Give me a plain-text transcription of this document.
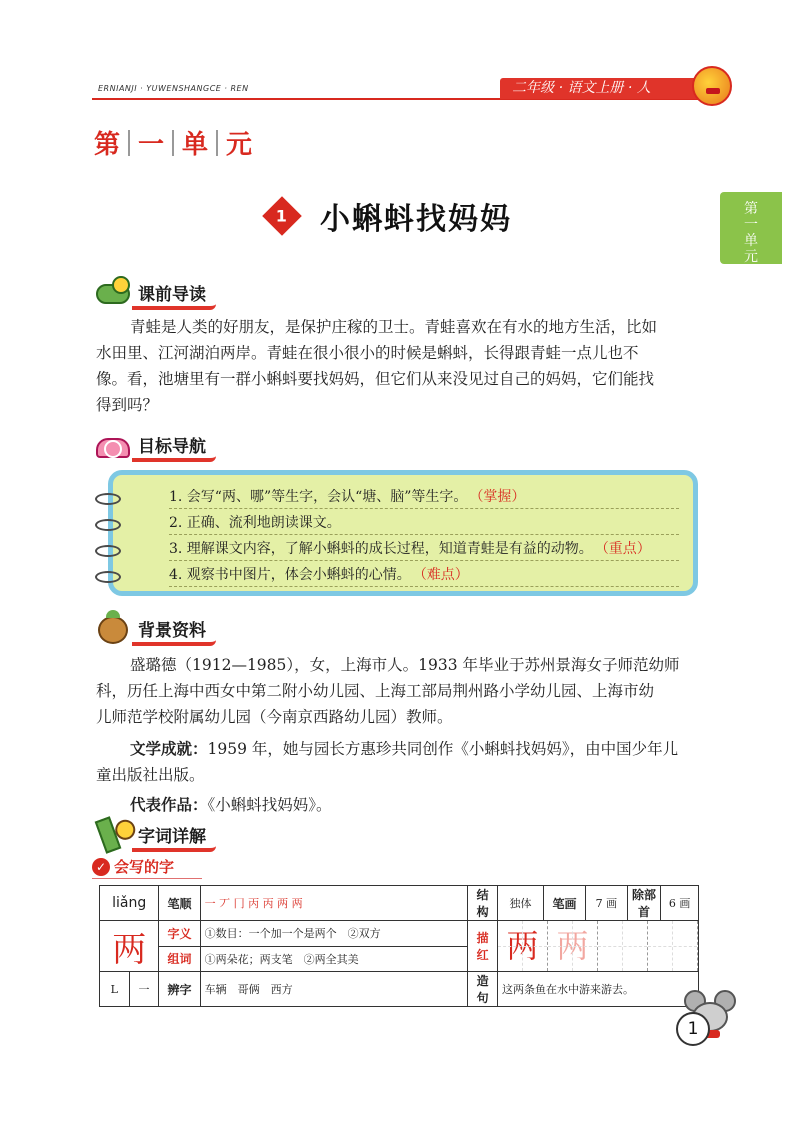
ERNIANJI · YUWENSHANGCE · REN	二年级 · 语文上册 · 人
第 一 单 元
第
一
单
元
1 小蝌蚪找妈妈
课前导读
青蛙是人类的好朋友，是保护庄稼的卫士。青蛙喜欢在有水的地方生活，比如
水田里、江河湖泊两岸。青蛙在很小很小的时候是蝌蚪，长得跟青蛙一点儿也不
像。看，池塘里有一群小蝌蚪要找妈妈，但它们从来没见过自己的妈妈，它们能找
得到吗？
目标导航
1. 会写“两、哪”等生字，会认“塘、脑”等生字。 （掌握）
2. 正确、流利地朗读课文。
3. 理解课文内容，了解小蝌蚪的成长过程，知道青蛙是有益的动物。 （重点）
4. 观察书中图片，体会小蝌蚪的心情。 （难点）
背景资料
盛璐德（1912—1985），女，上海市人。1933 年毕业于苏州景海女子师范幼师
科，历任上海中西女中第二附小幼儿园、上海工部局荆州路小学幼儿园、上海市幼
儿师范学校附属幼儿园（今南京西路幼儿园）教师。
文学成就：1959 年，她与园长方惠珍共同创作《小蝌蚪找妈妈》，由中国少年儿
童出版社出版。
代表作品：《小蝌蚪找妈妈》。
字词详解
✓ 会写的字
liǎng		笔顺	一 丆 冂 丙 丙 两 两	结构	独体	笔画	7 画	除部首	6 画
两		字义	①数目：一个加一个是两个　②双方	描红	两 两				

		组词	①两朵花；两支笔　②两全其美						
L	一	辨字	车辆　哥俩　西方	造句	这两条鱼在水中游来游去。				
1
